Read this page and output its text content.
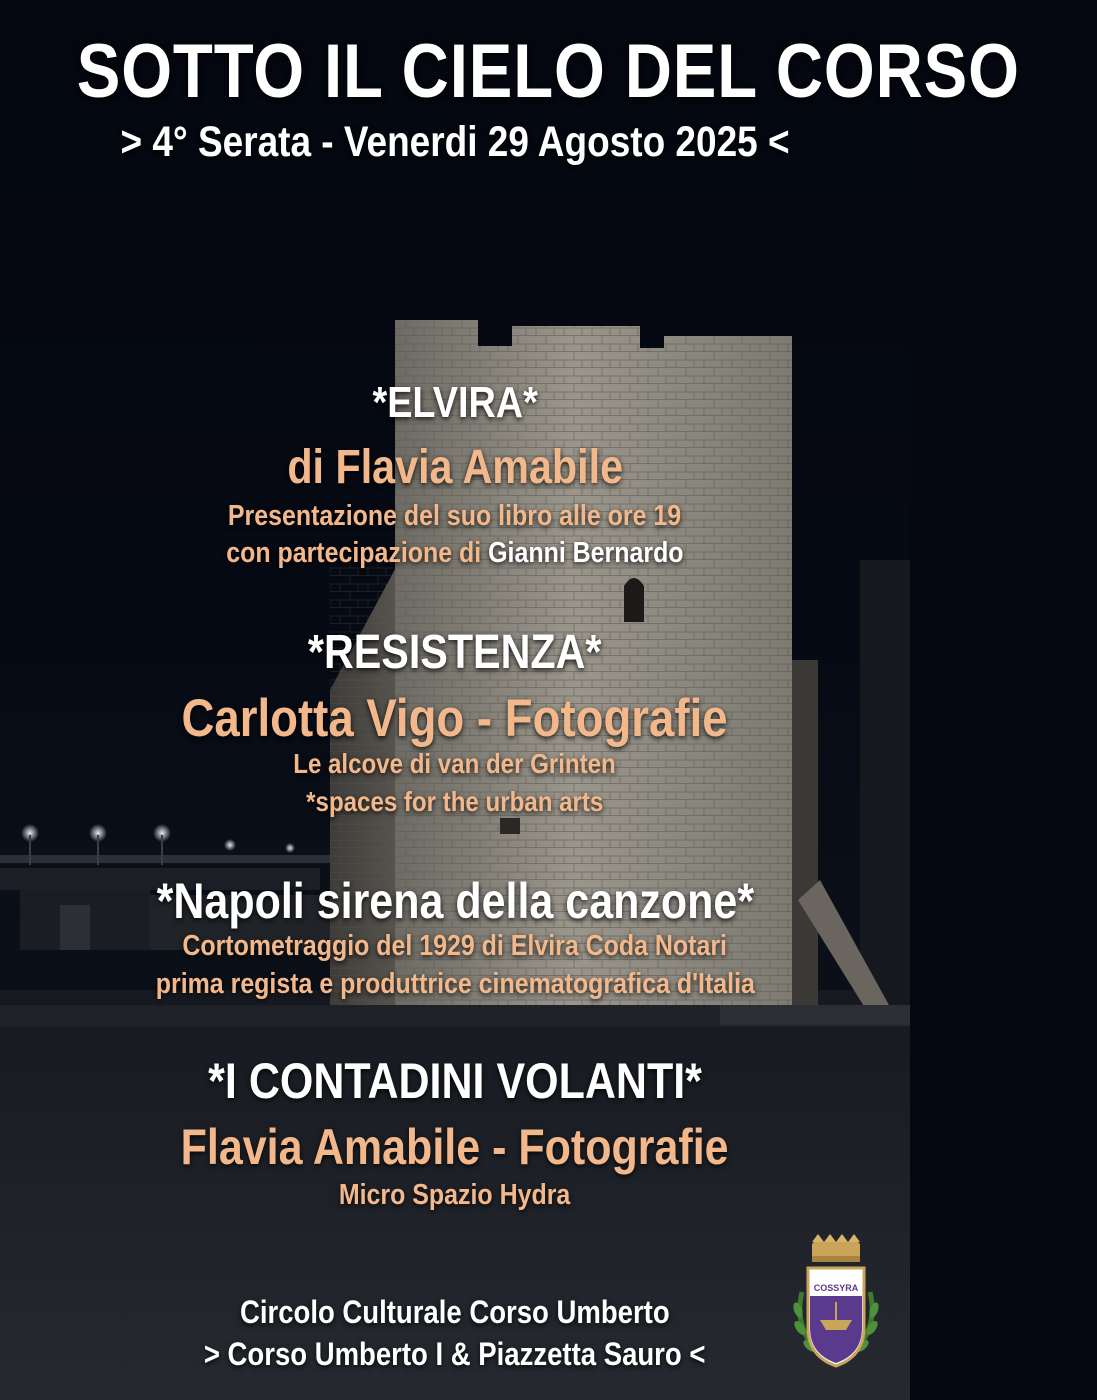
SOTTO IL CIELO DEL CORSO
> 4° Serata - Venerdi 29 Agosto 2025 <
*ELVIRA*
di Flavia Amabile
Presentazione del suo libro alle ore 19
con partecipazione di Gianni Bernardo
*RESISTENZA*
Carlotta Vigo - Fotografie
Le alcove di van der Grinten
*spaces for the urban arts
*Napoli sirena della canzone*
Cortometraggio del 1929 di Elvira Coda Notari
prima regista e produttrice cinematografica d'Italia
*I CONTADINI VOLANTI*
Flavia Amabile - Fotografie
Micro Spazio Hydra
Circolo Culturale Corso Umberto
> Corso Umberto I & Piazzetta Sauro <
COSSYRA
